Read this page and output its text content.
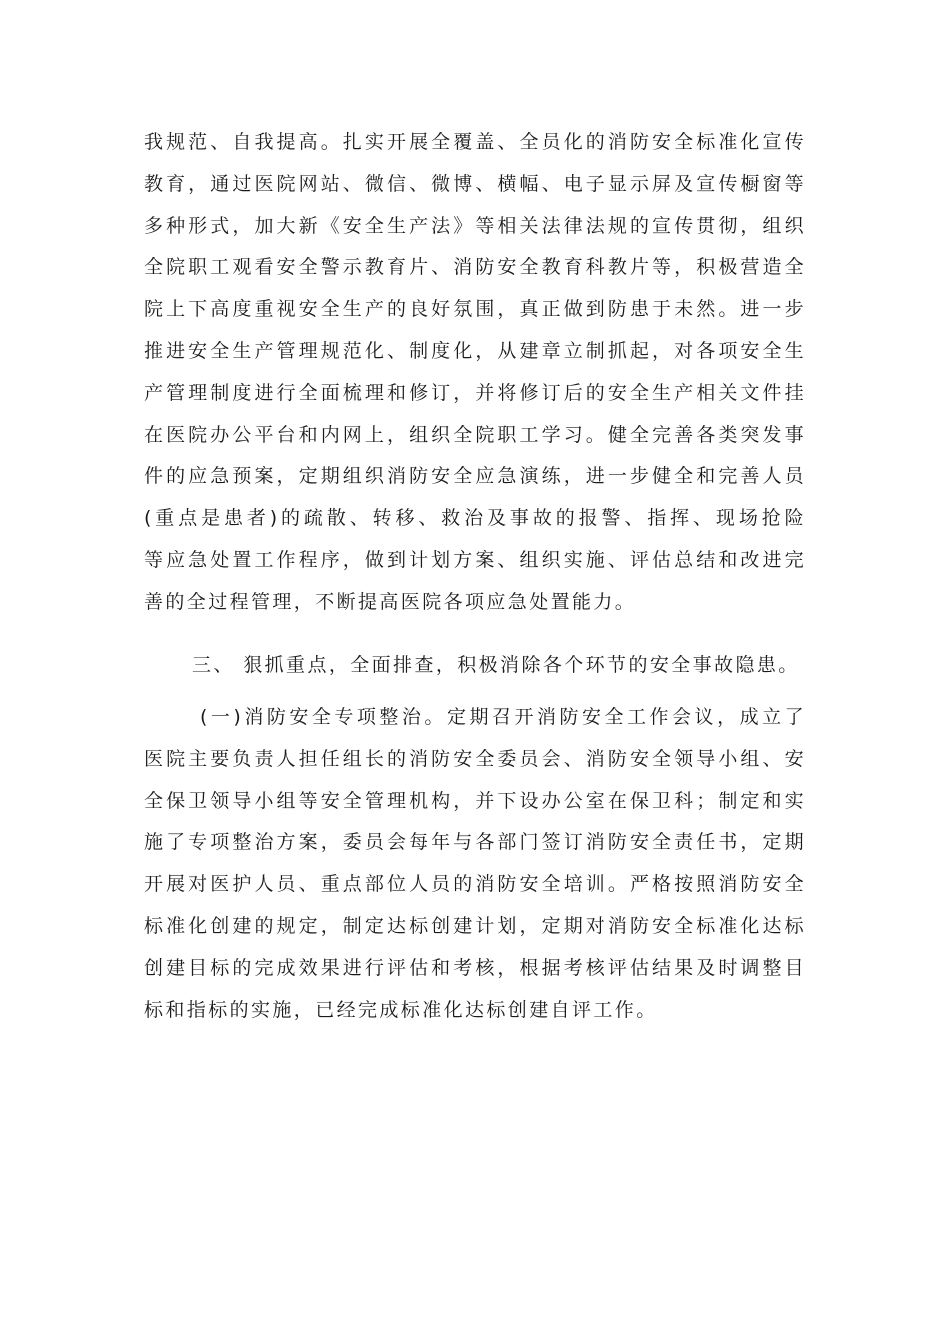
我规范、自我提高。扎实开展全覆盖、全员化的消防安全标准化宣传
教育，通过医院网站、微信、微博、横幅、电子显示屏及宣传橱窗等
多种形式，加大新《安全生产法》等相关法律法规的宣传贯彻，组织
全院职工观看安全警示教育片、消防安全教育科教片等，积极营造全
院上下高度重视安全生产的良好氛围，真正做到防患于未然。进一步
推进安全生产管理规范化、制度化，从建章立制抓起，对各项安全生
产管理制度进行全面梳理和修订，并将修订后的安全生产相关文件挂
在医院办公平台和内网上，组织全院职工学习。健全完善各类突发事
件的应急预案，定期组织消防安全应急演练，进一步健全和完善人员
(重点是患者)的疏散、转移、救治及事故的报警、指挥、现场抢险
等应急处置工作程序，做到计划方案、组织实施、评估总结和改进完
善的全过程管理，不断提高医院各项应急处置能力。
三、 狠抓重点，全面排查，积极消除各个环节的安全事故隐患。
(一)消防安全专项整治。定期召开消防安全工作会议，成立了
医院主要负责人担任组长的消防安全委员会、消防安全领导小组、安
全保卫领导小组等安全管理机构，并下设办公室在保卫科；制定和实
施了专项整治方案，委员会每年与各部门签订消防安全责任书，定期
开展对医护人员、重点部位人员的消防安全培训。严格按照消防安全
标准化创建的规定，制定达标创建计划，定期对消防安全标准化达标
创建目标的完成效果进行评估和考核，根据考核评估结果及时调整目
标和指标的实施，已经完成标准化达标创建自评工作。
